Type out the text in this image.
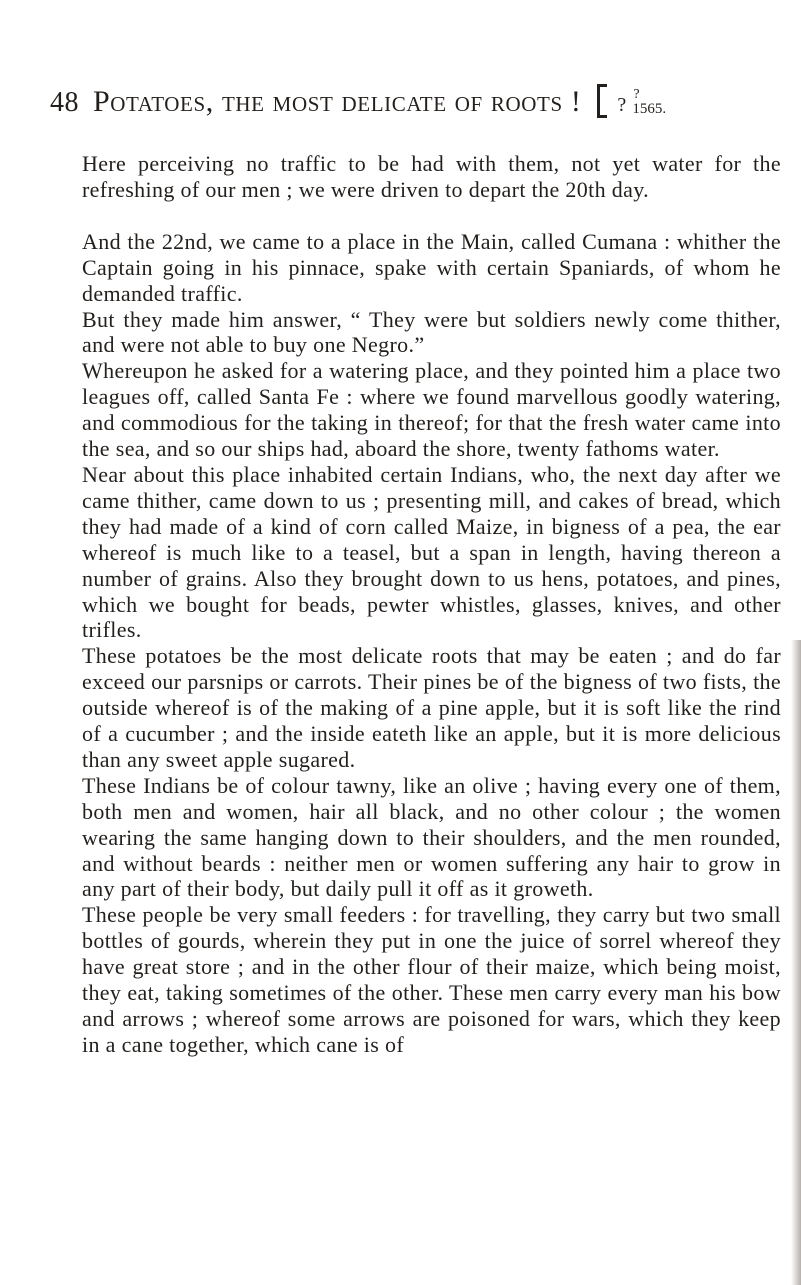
48 Potatoes, the most delicate of roots ! ? ?
1565.

Here perceiving no traffic to be had with them, not yet water for the refreshing of our men ; we were driven to depart the 20th day.

And the 22nd, we came to a place in the Main, called Cumana : whither the Captain going in his pinnace, spake with certain Spaniards, of whom he demanded traffic.

But they made him answer, “ They were but soldiers newly come thither, and were not able to buy one Negro.”

Whereupon he asked for a watering place, and they pointed him a place two leagues off, called Santa Fe : where we found marvellous goodly watering, and commodious for the taking in thereof; for that the fresh water came into the sea, and so our ships had, aboard the shore, twenty fathoms water.

Near about this place inhabited certain Indians, who, the next day after we came thither, came down to us ; presenting mill, and cakes of bread, which they had made of a kind of corn called Maize, in bigness of a pea, the ear whereof is much like to a teasel, but a span in length, having thereon a number of grains. Also they brought down to us hens, potatoes, and pines, which we bought for beads, pewter whistles, glasses, knives, and other trifles.

These potatoes be the most delicate roots that may be eaten ; and do far exceed our parsnips or carrots. Their pines be of the bigness of two fists, the outside whereof is of the making of a pine apple, but it is soft like the rind of a cucumber ; and the inside eateth like an apple, but it is more delicious than any sweet apple sugared.

These Indians be of colour tawny, like an olive ; having every one of them, both men and women, hair all black, and no other colour ; the women wearing the same hanging down to their shoulders, and the men rounded, and without beards : neither men or women suffering any hair to grow in any part of their body, but daily pull it off as it groweth.

These people be very small feeders : for travelling, they carry but two small bottles of gourds, wherein they put in one the juice of sorrel whereof they have great store ; and in the other flour of their maize, which being moist, they eat, taking sometimes of the other. These men carry every man his bow and arrows ; whereof some arrows are poisoned for wars, which they keep in a cane together, which cane is of
